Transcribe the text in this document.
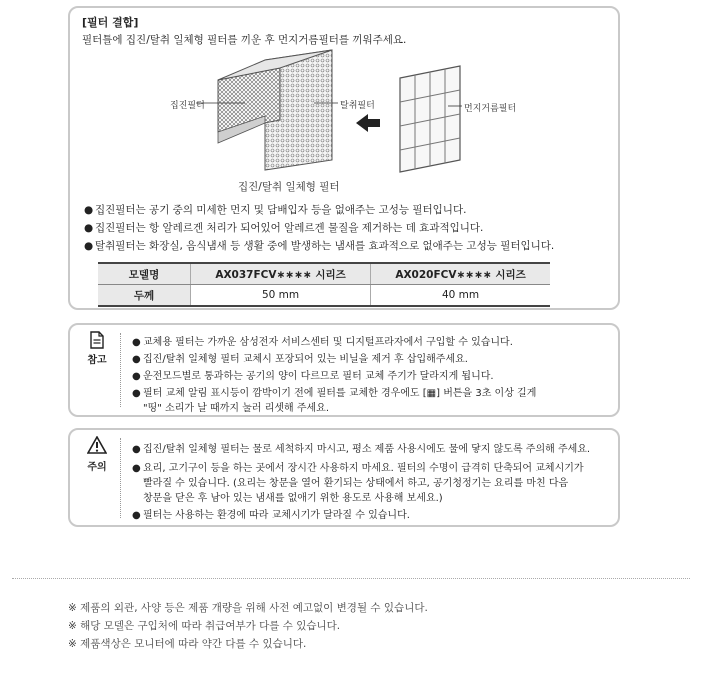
[필터 결합]
필터틀에 집진/탈취 일체형 필터를 끼운 후 먼지거름필터를 끼워주세요.
집진필터	탈취필터	먼지거름필터
집진/탈취 일체형 필터
● 집진필터는 공기 중의 미세한 먼지 및 담배입자 등을 없애주는 고성능 필터입니다.
● 집진필터는 항 알레르겐 처리가 되어있어 알레르겐 물질을 제거하는 데 효과적입니다.
● 탈취필터는 화장실, 음식냄새 등 생활 중에 발생하는 냄새를 효과적으로 없애주는 고성능 필터입니다.
모델명	AX037FCV∗∗∗∗ 시리즈	AX020FCV∗∗∗∗ 시리즈
두께	50 mm	40 mm
참고
● 교체용 필터는 가까운 삼성전자 서비스센터 및 디지털프라자에서 구입할 수 있습니다.
● 집진/탈취 일체형 필터 교체시 포장되어 있는 비닐을 제거 후 삽입해주세요.
● 운전모드별로 통과하는 공기의 양이 다르므로 필터 교체 주기가 달라지게 됩니다.
● 필터 교체 알림 표시등이 깜박이기 전에 필터를 교체한 경우에도 [▦] 버튼을 3초 이상 길게
"띵" 소리가 날 때까지 눌러 리셋해 주세요.
주의
● 집진/탈취 일체형 필터는 물로 세척하지 마시고, 평소 제품 사용시에도 물에 닿지 않도록 주의해 주세요.
● 요리, 고기구이 등을 하는 곳에서 장시간 사용하지 마세요. 필터의 수명이 급격히 단축되어 교체시기가
빨라질 수 있습니다. (요리는 창문을 열어 환기되는 상태에서 하고, 공기청정기는 요리를 마친 다음
창문을 닫은 후 남아 있는 냄새를 없애기 위한 용도로 사용해 보세요.)
● 필터는 사용하는 환경에 따라 교체시기가 달라질 수 있습니다.
※ 제품의 외관, 사양 등은 제품 개량을 위해 사전 예고없이 변경될 수 있습니다.
※ 해당 모델은 구입처에 따라 취급여부가 다를 수 있습니다.
※ 제품색상은 모니터에 따라 약간 다를 수 있습니다.
